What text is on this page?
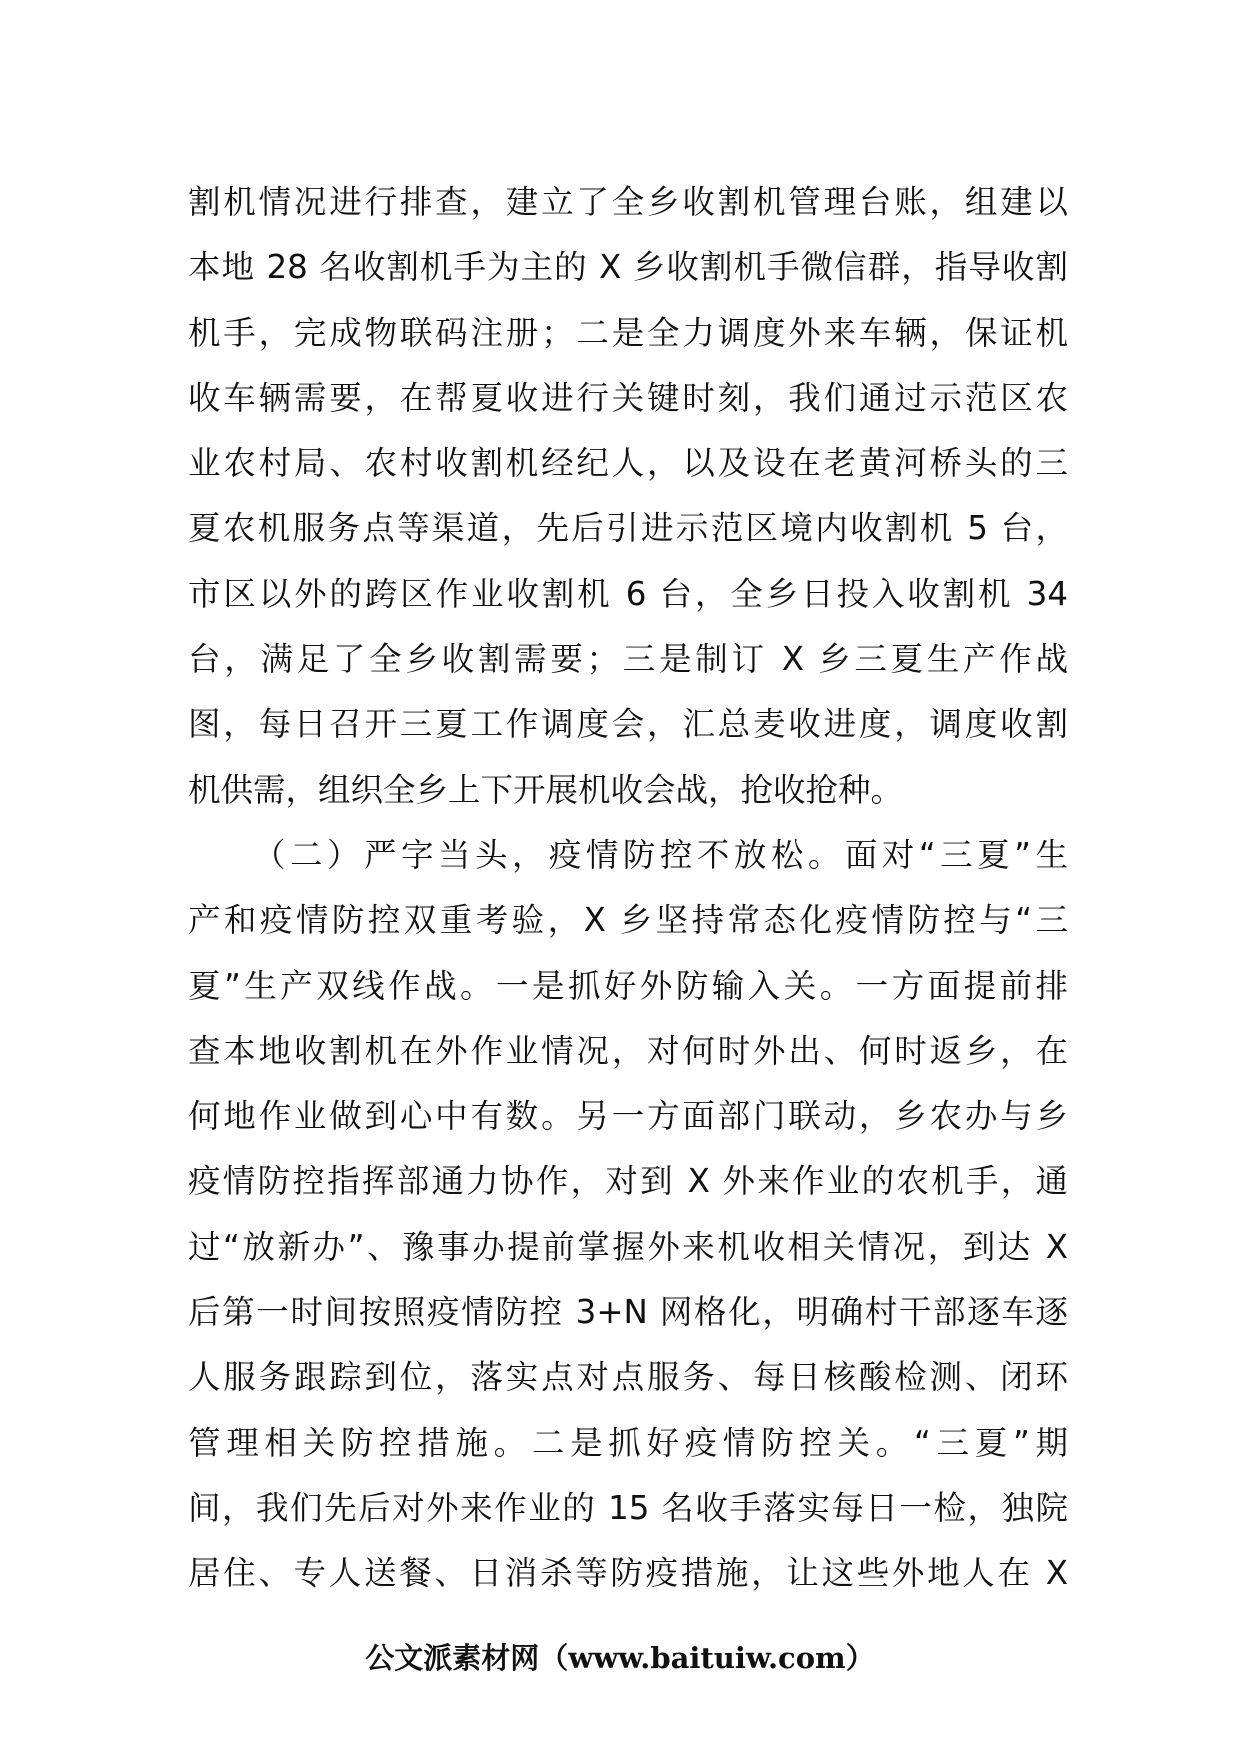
割机情况进行排查，建立了全乡收割机管理台账，组建以
本地 28 名收割机手为主的 X 乡收割机手微信群，指导收割
机手，完成物联码注册；二是全力调度外来车辆，保证机
收车辆需要，在帮夏收进行关键时刻，我们通过示范区农
业农村局、农村收割机经纪人，以及设在老黄河桥头的三
夏农机服务点等渠道，先后引进示范区境内收割机 5 台，
市区以外的跨区作业收割机 6 台，全乡日投入收割机 34
台，满足了全乡收割需要；三是制订 X 乡三夏生产作战
图，每日召开三夏工作调度会，汇总麦收进度，调度收割
机供需，组织全乡上下开展机收会战，抢收抢种。
（二）严字当头，疫情防控不放松。面对“三夏”生
产和疫情防控双重考验，X 乡坚持常态化疫情防控与“三
夏”生产双线作战。一是抓好外防输入关。一方面提前排
查本地收割机在外作业情况，对何时外出、何时返乡，在
何地作业做到心中有数。另一方面部门联动，乡农办与乡
疫情防控指挥部通力协作，对到 X 外来作业的农机手，通
过“放新办”、豫事办提前掌握外来机收相关情况，到达 X
后第一时间按照疫情防控 3+N 网格化，明确村干部逐车逐
人服务跟踪到位，落实点对点服务、每日核酸检测、闭环
管理相关防控措施。二是抓好疫情防控关。“三夏”期
间，我们先后对外来作业的 15 名收手落实每日一检，独院
居住、专人送餐、日消杀等防疫措施，让这些外地人在 X
公文派素材网（www.baituiw.com）
